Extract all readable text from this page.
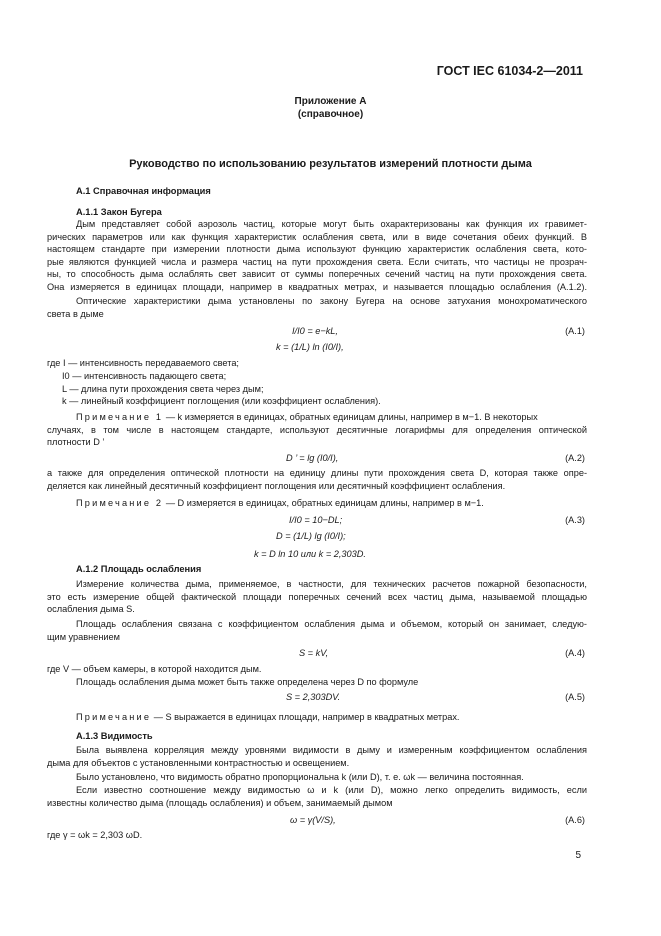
ГОСТ IEC 61034-2—2011
Приложение А
(справочное)
Руководство по использованию результатов измерений плотности дыма
А.1 Справочная информация
А.1.1 Закон Бугера
Дым представляет собой аэрозоль частиц, которые могут быть охарактеризованы как функция их гравимет-
рических параметров или как функция характеристик ослабления света, или в виде сочетания обеих функций. В
настоящем стандарте при измерении плотности дыма используют функцию характеристик ослабления света, кото-
рые являются функцией числа и размера частиц на пути прохождения света. Если считать, что частицы не прозрач-
ны, то способность дыма ослаблять свет зависит от суммы поперечных сечений частиц на пути прохождения света.
Она измеряется в единицах площади, например в квадратных метрах, и называется площадью ослабления (А.1.2).
Оптические характеристики дыма установлены по закону Бугера на основе затухания монохроматического
света в дыме
I/I0 = e−kL,	(А.1)
k = (1/L) ln (I0/I),
где I — интенсивность передаваемого света;
I0 — интенсивность падающего света;
L — длина пути прохождения света через дым;
k — линейный коэффициент поглощения (или коэффициент ослабления).
Примечание 1 — k измеряется в единицах, обратных единицам длины, например в м−1. В некоторых
случаях, в том числе в настоящем стандарте, используют десятичные логарифмы для определения оптической
плотности D ’
D ’ = lg (I0/I),	(А.2)
а также для определения оптической плотности на единицу длины пути прохождения света D, которая также опре-
деляется как линейный десятичный коэффициент поглощения или десятичный коэффициент ослабления.
Примечание 2 — D измеряется в единицах, обратных единицам длины, например в м−1.
I/I0 = 10−DL;	(А.3)
D = (1/L) lg (I0/I);
k = D ln 10 или k = 2,303D.
А.1.2 Площадь ослабления
Измерение количества дыма, применяемое, в частности, для технических расчетов пожарной безопасности,
это есть измерение общей фактической площади поперечных сечений всех частиц дыма, называемой площадью
ослабления дыма S.
Площадь ослабления связана с коэффициентом ослабления дыма и объемом, который он занимает, следую-
щим уравнением
S = kV,	(А.4)
где V — объем камеры, в которой находится дым.
Площадь ослабления дыма может быть также определена через D по формуле
S = 2,303DV.	(А.5)
Примечание — S выражается в единицах площади, например в квадратных метрах.
А.1.3 Видимость
Была выявлена корреляция между уровнями видимости в дыму и измеренным коэффициентом ослабления
дыма для объектов с установленными контрастностью и освещением.
Было установлено, что видимость обратно пропорциональна k (или D), т. е. ωk — величина постоянная.
Если известно соотношение между видимостью ω и k (или D), можно легко определить видимость, если
известны количество дыма (площадь ослабления) и объем, занимаемый дымом
ω = γ(V/S),	(А.6)
где γ = ωk = 2,303 ωD.
5
